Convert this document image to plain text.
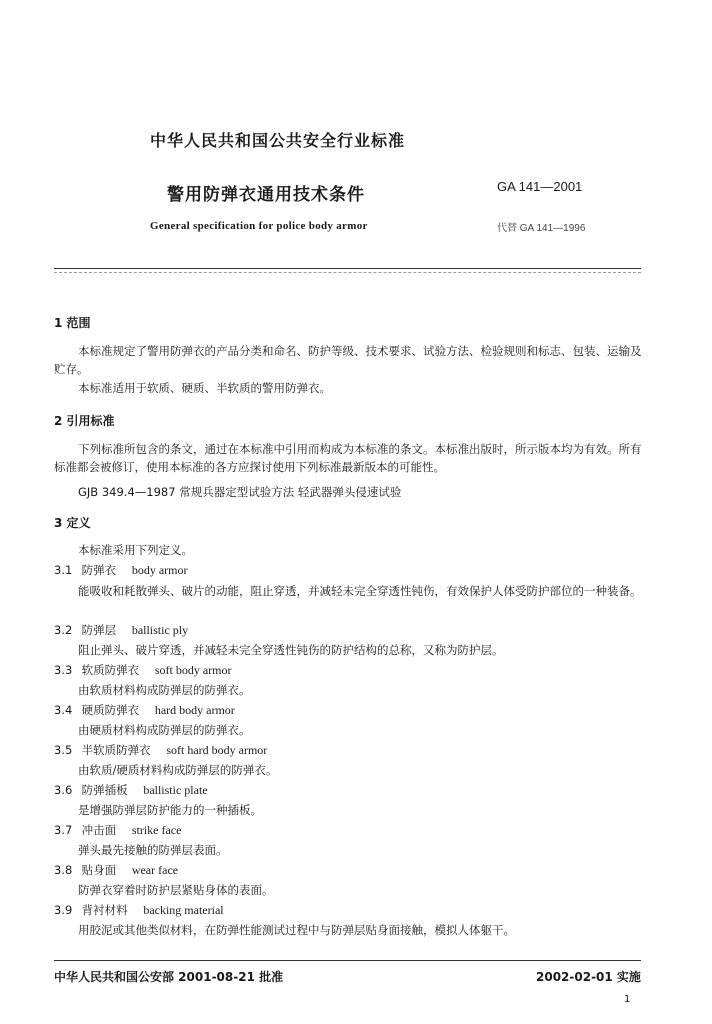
中华人民共和国公共安全行业标准
警用防弹衣通用技术条件	GA 141—2001
General specification for police body armor	代替 GA 141—1996
1 范围
本标准规定了警用防弹衣的产品分类和命名、防护等级、技术要求、试验方法、检验规则和标志、包装、运输及贮存。
本标准适用于软质、硬质、半软质的警用防弹衣。
2 引用标准
下列标准所包含的条文，通过在本标准中引用而构成为本标准的条文。本标准出版时，所示版本均为有效。所有标准都会被修订，使用本标准的各方应探讨使用下列标准最新版本的可能性。
GJB 349.4—1987 常规兵器定型试验方法 轻武器弹头侵速试验
3 定义
本标准采用下列定义。
3.1 防弹衣 body armor
能吸收和耗散弹头、破片的动能，阻止穿透，并减轻未完全穿透性钝伤，有效保护人体受防护部位的一种装备。
3.2 防弹层 ballistic ply
阻止弹头、破片穿透，并减轻未完全穿透性钝伤的防护结构的总称，又称为防护层。
3.3 软质防弹衣 soft body armor
由软质材料构成防弹层的防弹衣。
3.4 硬质防弹衣 hard body armor
由硬质材料构成防弹层的防弹衣。
3.5 半软质防弹衣 soft hard body armor
由软质/硬质材料构成防弹层的防弹衣。
3.6 防弹插板 ballistic plate
是增强防弹层防护能力的一种插板。
3.7 冲击面 strike face
弹头最先接触的防弹层表面。
3.8 贴身面 wear face
防弹衣穿着时防护层紧贴身体的表面。
3.9 背衬材料 backing material
用胶泥或其他类似材料，在防弹性能测试过程中与防弹层贴身面接触，模拟人体躯干。
中华人民共和国公安部 2001-08-21 批准	2002-02-01 实施
1
